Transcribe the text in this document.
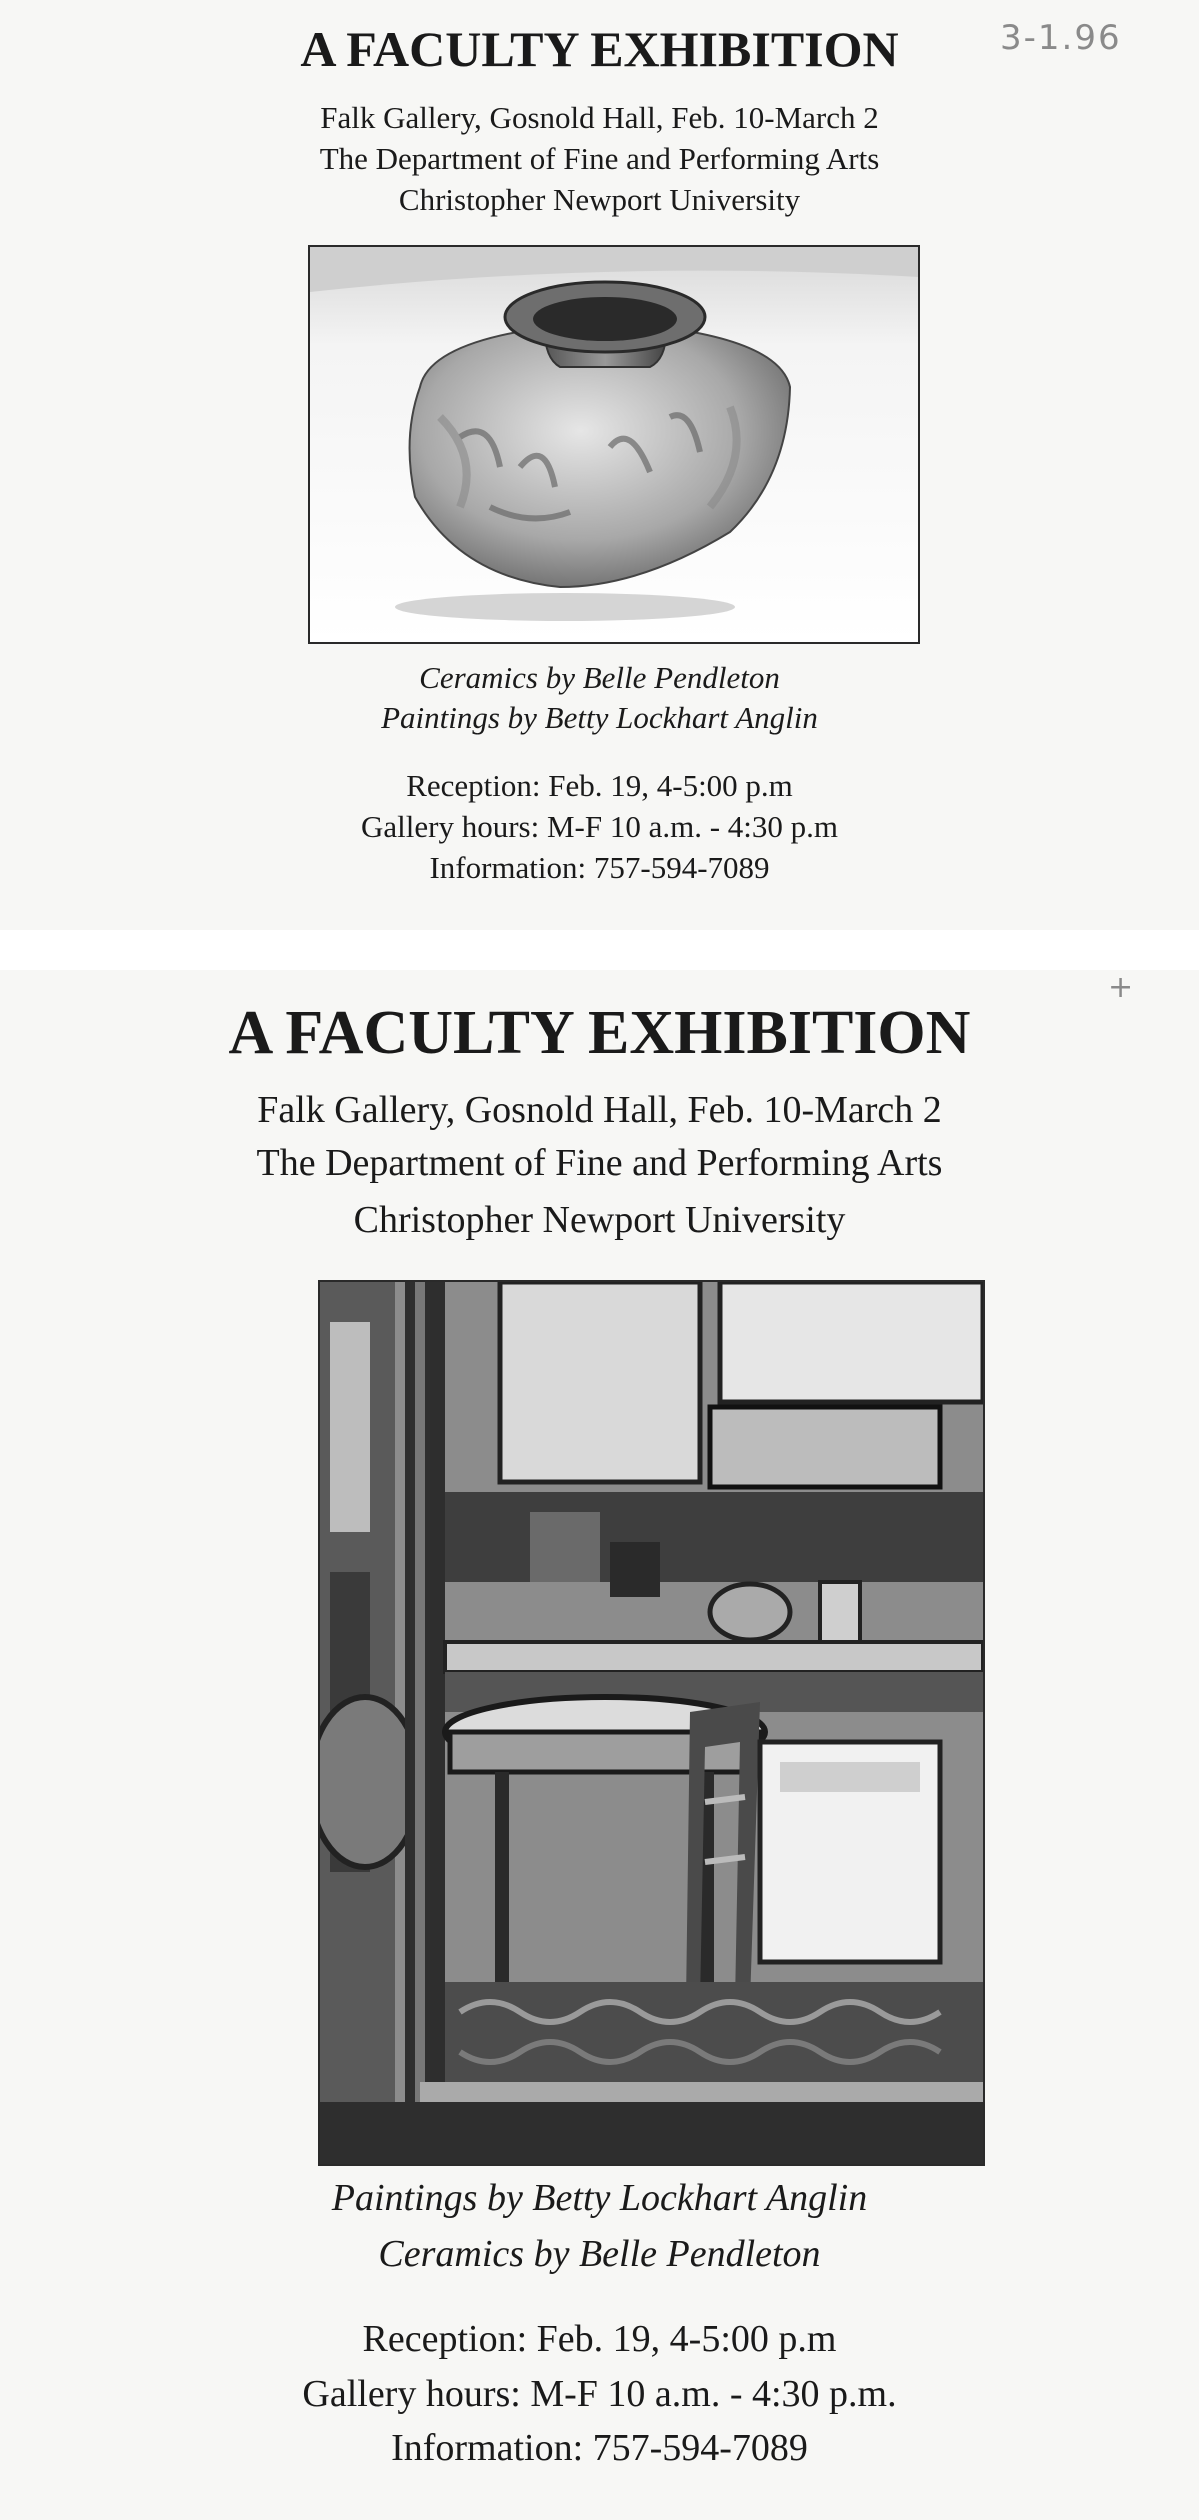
A FACULTY EXHIBITION	3-1.96
Falk Gallery, Gosnold Hall, Feb. 10-March 2
The Department of Fine and Performing Arts
Christopher Newport University
Ceramics by Belle Pendleton
Paintings by Betty Lockhart Anglin
Reception: Feb. 19, 4-5:00 p.m
Gallery hours: M-F 10 a.m. - 4:30 p.m
Information: 757-594-7089
A FACULTY EXHIBITION
+
Falk Gallery, Gosnold Hall, Feb. 10-March 2
The Department of Fine and Performing Arts
Christopher Newport University
Paintings by Betty Lockhart Anglin
Ceramics by Belle Pendleton
Reception: Feb. 19, 4-5:00 p.m
Gallery hours: M-F 10 a.m. - 4:30 p.m.
Information: 757-594-7089
